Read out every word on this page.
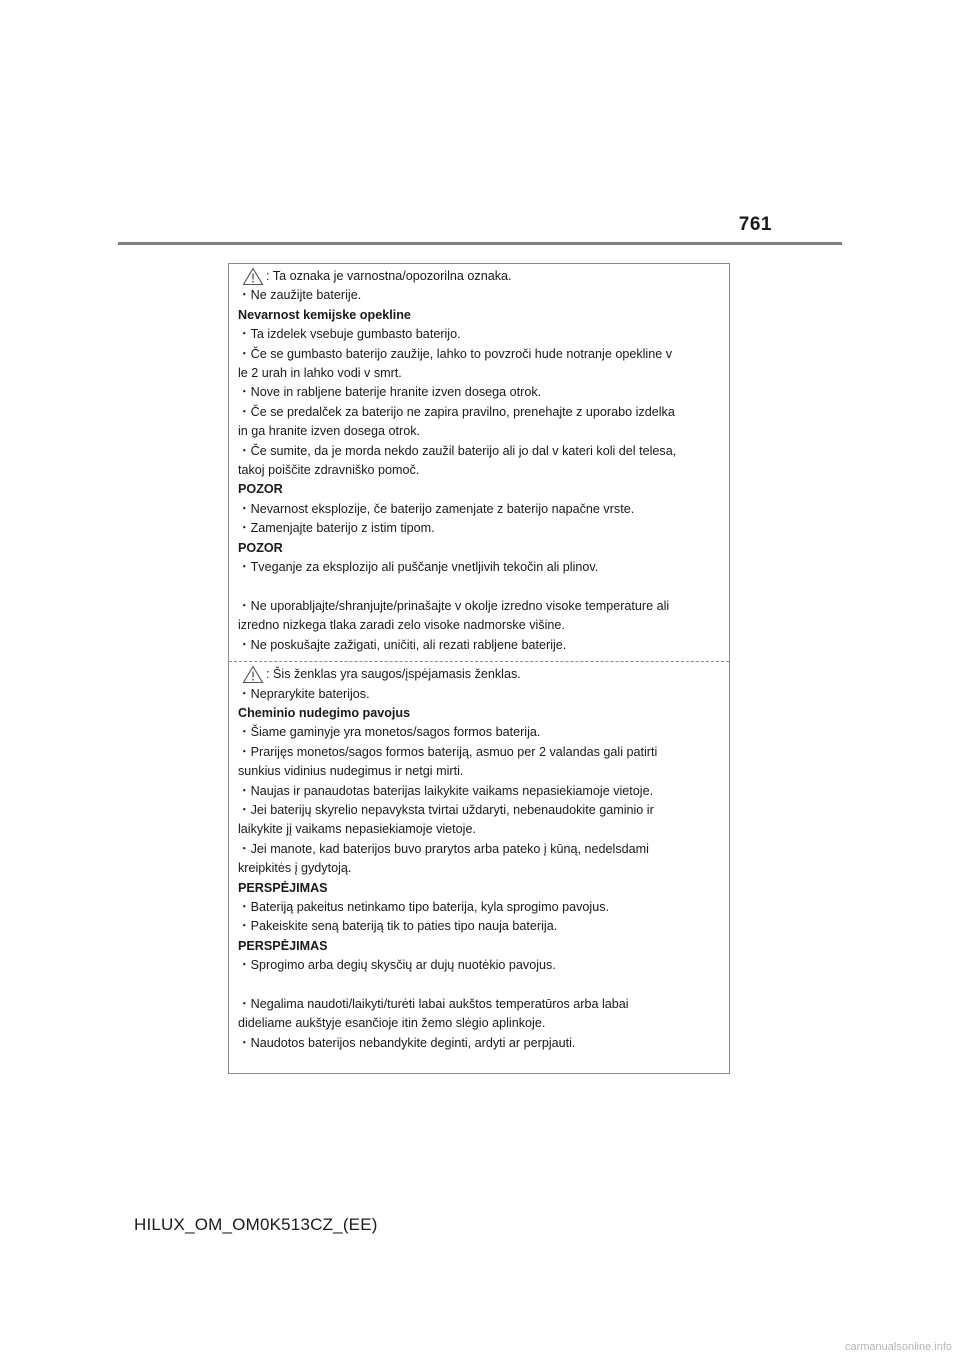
761
: Ta oznaka je varnostna/opozorilna oznaka.
・Ne zaužijte baterije.
Nevarnost kemijske opekline
・Ta izdelek vsebuje gumbasto baterijo.
・Če se gumbasto baterijo zaužije, lahko to povzroči hude notranje opekline v
le 2 urah in lahko vodi v smrt.
・Nove in rabljene baterije hranite izven dosega otrok.
・Če se predalček za baterijo ne zapira pravilno, prenehajte z uporabo izdelka
in ga hranite izven dosega otrok.
・Če sumite, da je morda nekdo zaužil baterijo ali jo dal v kateri koli del telesa,
takoj poiščite zdravniško pomoč.
POZOR
・Nevarnost eksplozije, če baterijo zamenjate z baterijo napačne vrste.
・Zamenjajte baterijo z istim tipom.
POZOR
・Tveganje za eksplozijo ali puščanje vnetljivih tekočin ali plinov.
・Ne uporabljajte/shranjujte/prinašajte v okolje izredno visoke temperature ali
izredno nizkega tlaka zaradi zelo visoke nadmorske višine.
・Ne poskušajte zažigati, uničiti, ali rezati rabljene baterije.
: Šis ženklas yra saugos/įspėjamasis ženklas.
・Neprarykite baterijos.
Cheminio nudegimo pavojus
・Šiame gaminyje yra monetos/sagos formos baterija.
・Prarijęs monetos/sagos formos bateriją, asmuo per 2 valandas gali patirti
sunkius vidinius nudegimus ir netgi mirti.
・Naujas ir panaudotas baterijas laikykite vaikams nepasiekiamoje vietoje.
・Jei baterijų skyrelio nepavyksta tvirtai uždaryti, nebenaudokite gaminio ir
laikykite jį vaikams nepasiekiamoje vietoje.
・Jei manote, kad baterijos buvo prarytos arba pateko į kūną, nedelsdami
kreipkitės į gydytoją.
PERSPĖJIMAS
・Bateriją pakeitus netinkamo tipo baterija, kyla sprogimo pavojus.
・Pakeiskite seną bateriją tik to paties tipo nauja baterija.
PERSPĖJIMAS
・Sprogimo arba degių skysčių ar dujų nuotėkio pavojus.
・Negalima naudoti/laikyti/turėti labai aukštos temperatūros arba labai
dideliame aukštyje esančioje itin žemo slėgio aplinkoje.
・Naudotos baterijos nebandykite deginti, ardyti ar perpjauti.
HILUX_OM_OM0K513CZ_(EE)
carmanualsonline.info
